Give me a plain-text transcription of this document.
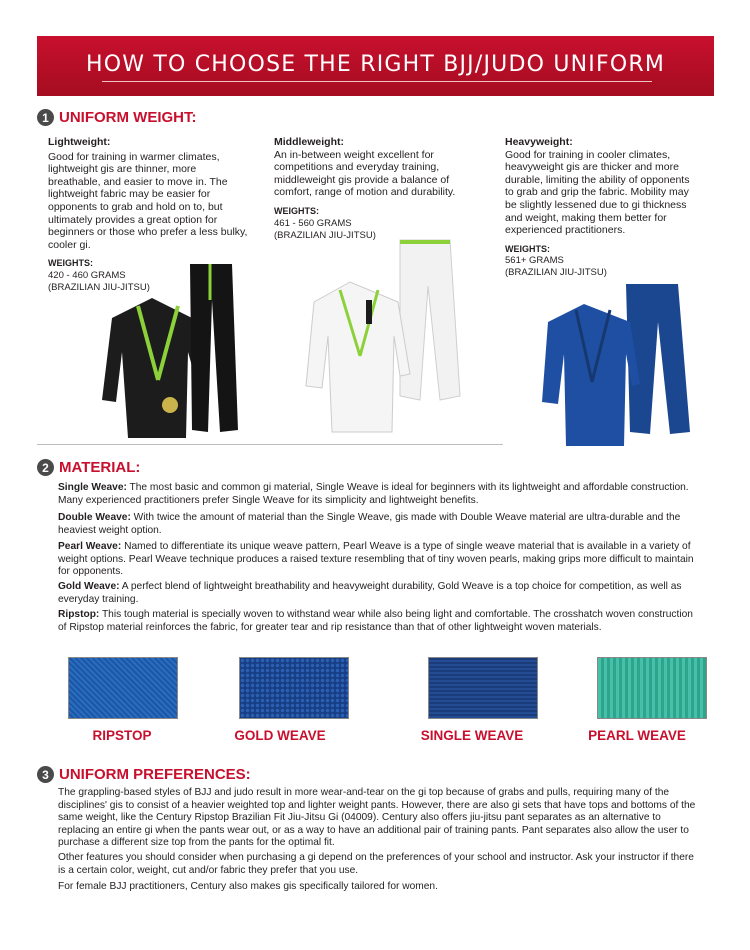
HOW TO CHOOSE THE RIGHT BJJ/JUDO UNIFORM
1 UNIFORM WEIGHT:
Lightweight:
Good for training in warmer climates, lightweight gis are thinner, more breathable, and easier to move in. The lightweight fabric may be easier for opponents to grab and hold on to, but ultimately provides a great option for beginners or those who prefer a less bulky, cooler gi.
WEIGHTS:
420 - 460 GRAMS
(BRAZILIAN JIU-JITSU)
Middleweight:
An in-between weight excellent for competitions and everyday training, middleweight gis provide a balance of comfort, range of motion and durability.
WEIGHTS:
461 - 560 GRAMS
(BRAZILIAN JIU-JITSU)
Heavyweight:
Good for training in cooler climates, heavyweight gis are thicker and more durable, limiting the ability of opponents to grab and grip the fabric. Mobility may be slightly lessened due to gi thickness and weight, making them better for experienced practitioners.
WEIGHTS:
561+ GRAMS
(BRAZILIAN JIU-JITSU)
2 MATERIAL:
Single Weave: The most basic and common gi material, Single Weave is ideal for beginners with its lightweight and affordable construction. Many experienced practitioners prefer Single Weave for its simplicity and lightweight benefits.
Double Weave: With twice the amount of material than the Single Weave, gis made with Double Weave material are ultra-durable and the heaviest weight option.
Pearl Weave: Named to differentiate its unique weave pattern, Pearl Weave is a type of single weave material that is available in a variety of weight options. Pearl Weave technique produces a raised texture resembling that of tiny woven pearls, making grips more difficult to maintain for opponents.
Gold Weave: A perfect blend of lightweight breathability and heavyweight durability, Gold Weave is a top choice for competition, as well as everyday training.
Ripstop: This tough material is specially woven to withstand wear while also being light and comfortable. The crosshatch woven construction of Ripstop material reinforces the fabric, for greater tear and rip resistance than that of other lightweight woven materials.
RIPSTOP	GOLD WEAVE	SINGLE WEAVE	PEARL WEAVE
3 UNIFORM PREFERENCES:
The grappling-based styles of BJJ and judo result in more wear-and-tear on the gi top because of grabs and pulls, requiring many of the disciplines' gis to consist of a heavier weighted top and lighter weight pants. However, there are also gi sets that have tops and bottoms of the same weight, like the Century Ripstop Brazilian Fit Jiu-Jitsu Gi (04009). Century also offers jiu-jitsu pant separates as an alternative to replacing an entire gi when the pants wear out, or as a way to have an additional pair of training pants. Pant separates also allow the user to purchase a different size top from the pants for the optimal fit.
Other features you should consider when purchasing a gi depend on the preferences of your school and instructor. Ask your instructor if there is a certain color, weight, cut and/or fabric they prefer that you use.
For female BJJ practitioners, Century also makes gis specifically tailored for women.
